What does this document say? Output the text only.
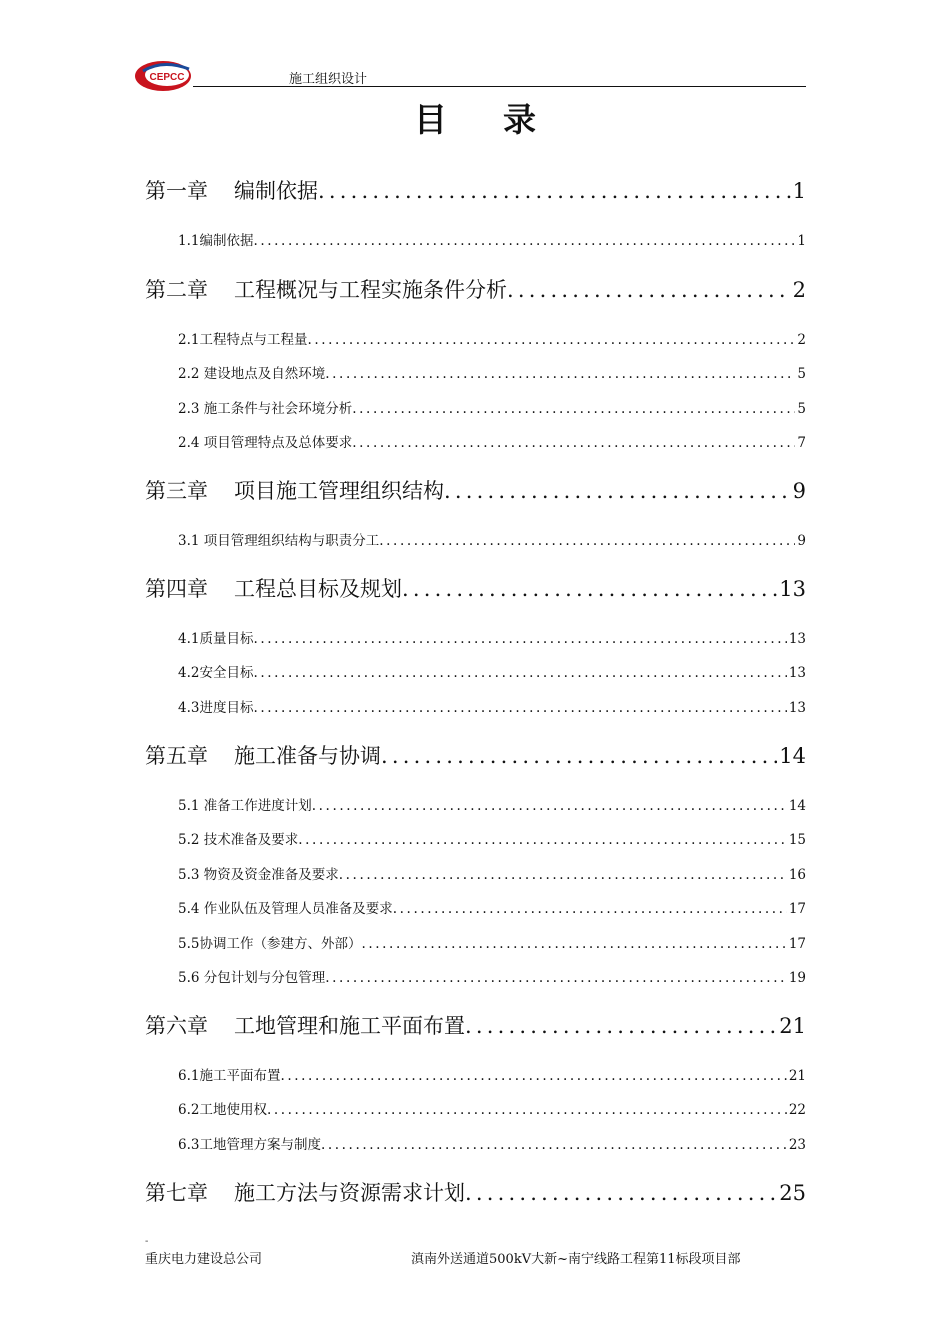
CEPCC	施工组织设计
目录
第一章 编制依据 .....	1
1.1编制依据 .....	1
第二章 工程概况与工程实施条件分析 .....	2
2.1工程特点与工程量 .....	2
2.2 建设地点及自然环境 .....	5
2.3 施工条件与社会环境分析 .....	5
2.4 项目管理特点及总体要求 .....	7
第三章 项目施工管理组织结构 .....	9
3.1 项目管理组织结构与职责分工 .....	9
第四章 工程总目标及规划 .....	13
4.1质量目标 .....	13
4.2安全目标 .....	13
4.3进度目标 .....	13
第五章 施工准备与协调 .....	14
5.1 准备工作进度计划 .....	14
5.2 技术准备及要求 .....	15
5.3 物资及资金准备及要求 .....	16
5.4 作业队伍及管理人员准备及要求 .....	17
5.5协调工作（参建方、外部） .....	17
5.6 分包计划与分包管理 .....	19
第六章 工地管理和施工平面布置 .....	21
6.1施工平面布置 .....	21
6.2工地使用权 .....	22
6.3工地管理方案与制度 .....	23
第七章 施工方法与资源需求计划 .....	25
-
重庆电力建设总公司	滇南外送通道500kV大新~南宁线路工程第11标段项目部
